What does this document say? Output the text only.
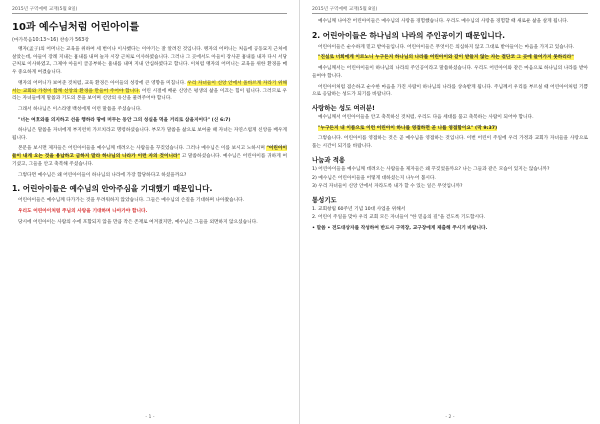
2015년 구역예배 교재(5월 8일)
10과 예수님처럼 어린아이를
(마가복음10:13~16) 찬송가 563장

맹자(孟子)의 어머니는 교육을 위하여 세 번이나 이사했다는 이야기는 잘 알려진 것입니다. 맹자의 어머니는 처음에 공동묘지 근처에 살았는데, 아들이 장례 지내는 흉내를 내며 놀자 시장 근처로 이사하였습니다. 그러나 그 곳에서도 아들이 장사꾼 흉내를 내자 다시 서당 근처로 이사하였고, 그제야 아들이 글공부하는 흉내를 내며 지내 안심하였다고 합니다. 이처럼 맹자의 어머니는 교육을 위한 환경을 매우 중요하게 여겼습니다.

맹자의 어머니가 보여준 것처럼, 교육 환경은 아이들의 성장에 큰 영향을 미칩니다. 우리 자녀들이 신앙 안에서 올바르게 자라기 위해서는 교회와 가정이 함께 신앙의 환경을 만들어 주어야 합니다. 어린 시절에 배운 신앙은 평생의 삶을 이끄는 힘이 됩니다. 그러므로 우리는 자녀들에게 말씀과 기도의 본을 보이며 신앙의 유산을 물려주어야 합니다.

그래서 하나님은 이스라엘 백성에게 이런 말씀을 주셨습니다.

"너는 여호와를 의지하고 선을 행하라 땅에 머무는 동안 그의 성실을 먹을 거리로 삼을지어다" (신 6:7)

하나님은 말씀을 자녀에게 부지런히 가르치라고 명령하셨습니다. 부모가 말씀을 삶으로 보여줄 때 자녀는 자연스럽게 신앙을 배우게 됩니다.

본문을 보시면 제자들은 어린아이들을 예수님께 데려오는 사람들을 꾸짖었습니다. 그러나 예수님은 이를 보시고 노하시며 "어린아이들이 내게 오는 것을 용납하고 금하지 말라 하나님의 나라가 이런 자의 것이니라" 고 말씀하셨습니다. 예수님은 어린아이를 귀하게 여기셨고, 그들을 안고 축복해 주셨습니다.

그렇다면 예수님은 왜 어린아이들이 하나님의 나라에 가장 합당하다고 하셨을까요?

1. 어린아이들은 예수님의 안아주심을 기대했기 때문입니다.

어린아이들은 예수님께 다가가는 것을 두려워하지 않았습니다. 그들은 예수님의 손길을 기대하며 나아왔습니다.

우리도 어린아이처럼 주님의 사랑을 기대하며 나아가야 합니다.

당시에 어린아이는 사람의 수에 포함되지 않을 만큼 작은 존재로 여겨졌지만, 예수님은 그들을 외면하지 않으셨습니다.

- 1 -
2015년 구역예배 교재(5월 8일)

예수님께 나아간 어린아이들은 예수님의 사랑을 경험했습니다. 우리도 예수님의 사랑을 경험할 때 새로운 삶을 살게 됩니다.

2. 어린아이들은 하나님의 나라의 주인공이기 때문입니다.

어린아이들은 순수하게 믿고 받아들입니다. 어린아이들은 무엇이든 의심하지 않고 그대로 받아들이는 마음을 가지고 있습니다.

"진실로 너희에게 이르노니 누구든지 하나님의 나라를 어린아이와 같이 받들지 않는 자는 결단코 그 곳에 들어가지 못하리라"

예수님께서는 어린아이들이 하나님의 나라의 주인공이라고 말씀하셨습니다. 우리도 어린아이와 같은 마음으로 하나님의 나라를 받아들여야 합니다.

어린아이처럼 겸손하고 순수한 마음을 가진 사람이 하나님의 나라를 상속받게 됩니다. 주님께서 우리를 부르실 때 어린아이처럼 기쁨으로 응답하는 성도가 되기를 바랍니다.

사랑하는 성도 여러분!

예수님께서 어린아이들을 안고 축복하신 것처럼, 우리도 다음 세대를 품고 축복하는 사람이 되어야 합니다.

"누구든지 내 이름으로 이런 어린아이 하나를 영접하면 곧 나를 영접함이요" (막 9:37)

그렇습니다. 어린아이를 영접하는 것은 곧 예수님을 영접하는 것입니다. 이번 어린이 주일에 우리 가정과 교회가 자녀들을 사랑으로 품는 시간이 되기를 바랍니다.

나눔과 적용
1) 어린아이들을 예수님께 데려오는 사람들을 제자들은 왜 꾸짖었을까요? 나는 그들과 같은 모습이 있지는 않습니까?
2) 예수님은 어린아이들을 어떻게 대하셨는지 나누어 봅시다.
3) 우리 자녀들이 신앙 안에서 자라도록 내가 할 수 있는 일은 무엇입니까?
통성기도
1. 교회창립 60주년 기념 10대 사업을 위해서
2. 어린이 주일을 맞아 우리 교회 모든 자녀들이 "한 믿음의 길"을 걷도록 기도합시다.
• 말씀 • 전도대상자를 작성하여 반드시 구역장, 교구장에게 제출해 주시기 바랍니다.
- 2 -
